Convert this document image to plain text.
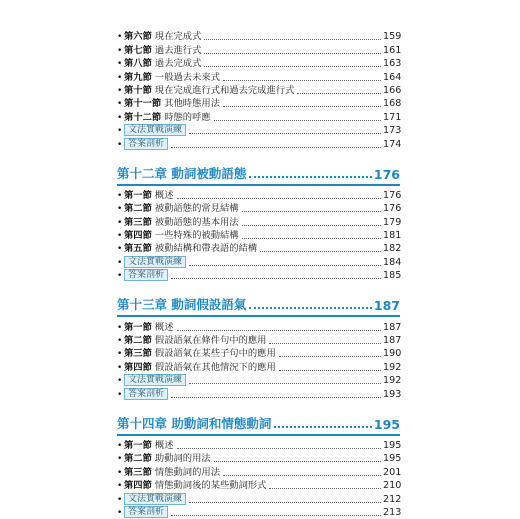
• 第六節 現在完成式	159
• 第七節 過去進行式	161
• 第八節 過去完成式	163
• 第九節 一般過去未來式	164
• 第十節 現在完成進行式和過去完成進行式	166
• 第十一節 其他時態用法	168
• 第十二節 時態的呼應	171
• 文法實戰演練	173
• 答案剖析	174
第十二章 動詞被動語態	176
• 第一節 概述	176
• 第二節 被動語態的常見結構	176
• 第三節 被動語態的基本用法	179
• 第四節 一些特殊的被動結構	181
• 第五節 被動結構和帶表語的結構	182
• 文法實戰演練	184
• 答案剖析	185
第十三章 動詞假設語氣	187
• 第一節 概述	187
• 第二節 假設語氣在條件句中的應用	187
• 第三節 假設語氣在某些子句中的應用	190
• 第四節 假設語氣在其他情況下的應用	192
• 文法實戰演練	192
• 答案剖析	193
第十四章 助動詞和情態動詞	195
• 第一節 概述	195
• 第二節 助動詞的用法	195
• 第三節 情態動詞的用法	201
• 第四節 情態動詞後的某些動詞形式	210
• 文法實戰演練	212
• 答案剖析	213
